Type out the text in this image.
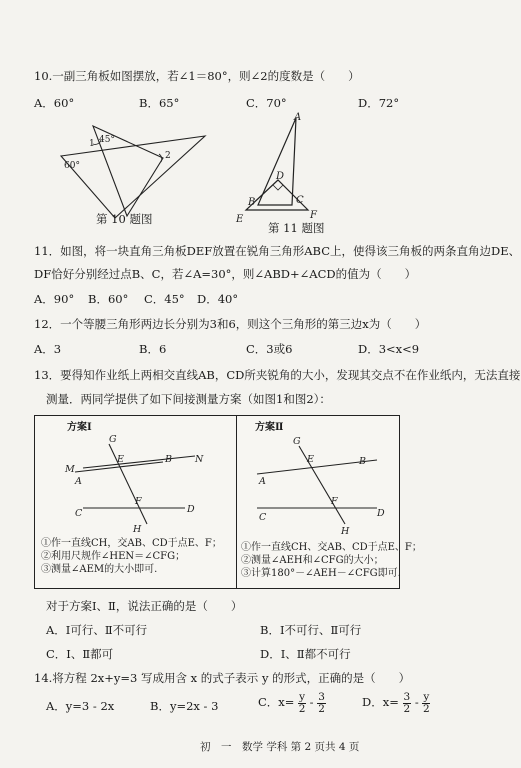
10.一副三角板如图摆放，若∠1＝80°，则∠2的度数是（　　）
A．60°	B．65°	C．70°	D．72°
45°
60°
1
2
第 10 题图
A
B	C
D
E	F
第 11 题图
11．如图，将一块直角三角板DEF放置在锐角三角形ABC上，使得该三角板的两条直角边DE、
DF恰好分别经过点B、C，若∠A=30°，则∠ABD+∠ACD的值为（　　）
A．90° B．60° C．45° D．40°
12．一个等腰三角形两边长分别为3和6，则这个三角形的第三边x为（　　）
A．3	B．6	C．3或6	D．3<x<9
13．要得知作业纸上两相交直线AB，CD所夹锐角的大小，发现其交点不在作业纸内，无法直接
测量．两同学提供了如下间接测量方案（如图1和图2）：
方案Ⅰ
G
E	B
M
N
A
F
C	D
H
①作一直线CH，交AB、CD于点E、F；
②利用尺规作∠HEN＝∠CFG；
③测量∠AEM的大小即可.
方案Ⅱ
G
E	B
A
F
C	D
H
①作一直线CH、交AB、CD于点E、F；
②测量∠AEH和∠CFG的大小；
③计算180°－∠AEH－∠CFG即可.
对于方案Ⅰ、Ⅱ，说法正确的是（　　）
A．Ⅰ可行、Ⅱ不可行	B．Ⅰ不可行、Ⅱ可行
C．Ⅰ、Ⅱ都可	D．Ⅰ、Ⅱ都不可行
14.将方程 2x+y=3 写成用含 x 的式子表示 y 的形式，正确的是（　　）
A．y=3 - 2x	B．y=2x - 3	C．$x= \frac{y}{2} - \frac{3}{2}$	D．$x= \frac{3}{2} - \frac{y}{2}$
初　一　数学 学科 第 2 页共 4 页
